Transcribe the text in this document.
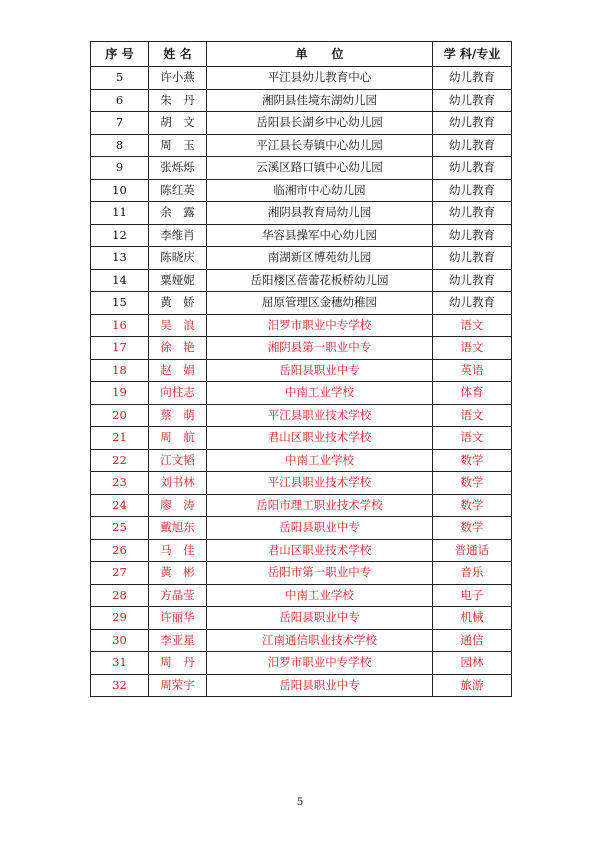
序 号	姓 名	单　　位	学 科/专业
5	许小燕	平江县幼儿教育中心	幼儿教育
6	朱　丹	湘阴县佳境东湖幼儿园	幼儿教育
7	胡　文	岳阳县长湖乡中心幼儿园	幼儿教育
8	周　玉	平江县长寿镇中心幼儿园	幼儿教育
9	张烁烁	云溪区路口镇中心幼儿园	幼儿教育
10	陈红英	临湘市中心幼儿园	幼儿教育
11	余　露	湘阴县教育局幼儿园	幼儿教育
12	李维肖	华容县操军中心幼儿园	幼儿教育
13	陈晓庆	南湖新区博苑幼儿园	幼儿教育
14	粟娅妮	岳阳楼区蓓蕾花板桥幼儿园	幼儿教育
15	黄　娇	屈原管理区金穗幼稚园	幼儿教育
16	吴　浪	汨罗市职业中专学校	语文
17	徐　艳	湘阴县第一职业中专	语文
18	赵　娟	岳阳县职业中专	英语
19	向柱志	中南工业学校	体育
20	蔡　萌	平江县职业技术学校	语文
21	周　航	君山区职业技术学校	语文
22	江文韬	中南工业学校	数学
23	刘书林	平江县职业技术学校	数学
24	廖　涛	岳阳市理工职业技术学校	数学
25	戴旭东	岳阳县职业中专	数学
26	马　佳	君山区职业技术学校	普通话
27	黄　彬	岳阳市第一职业中专	音乐
28	方晶莹	中南工业学校	电子
29	许丽华	岳阳县职业中专	机械
30	李亚星	江南通信职业技术学校	通信
31	周　丹	汨罗市职业中专学校	园林
32	周荣宇	岳阳县职业中专	旅游
5
